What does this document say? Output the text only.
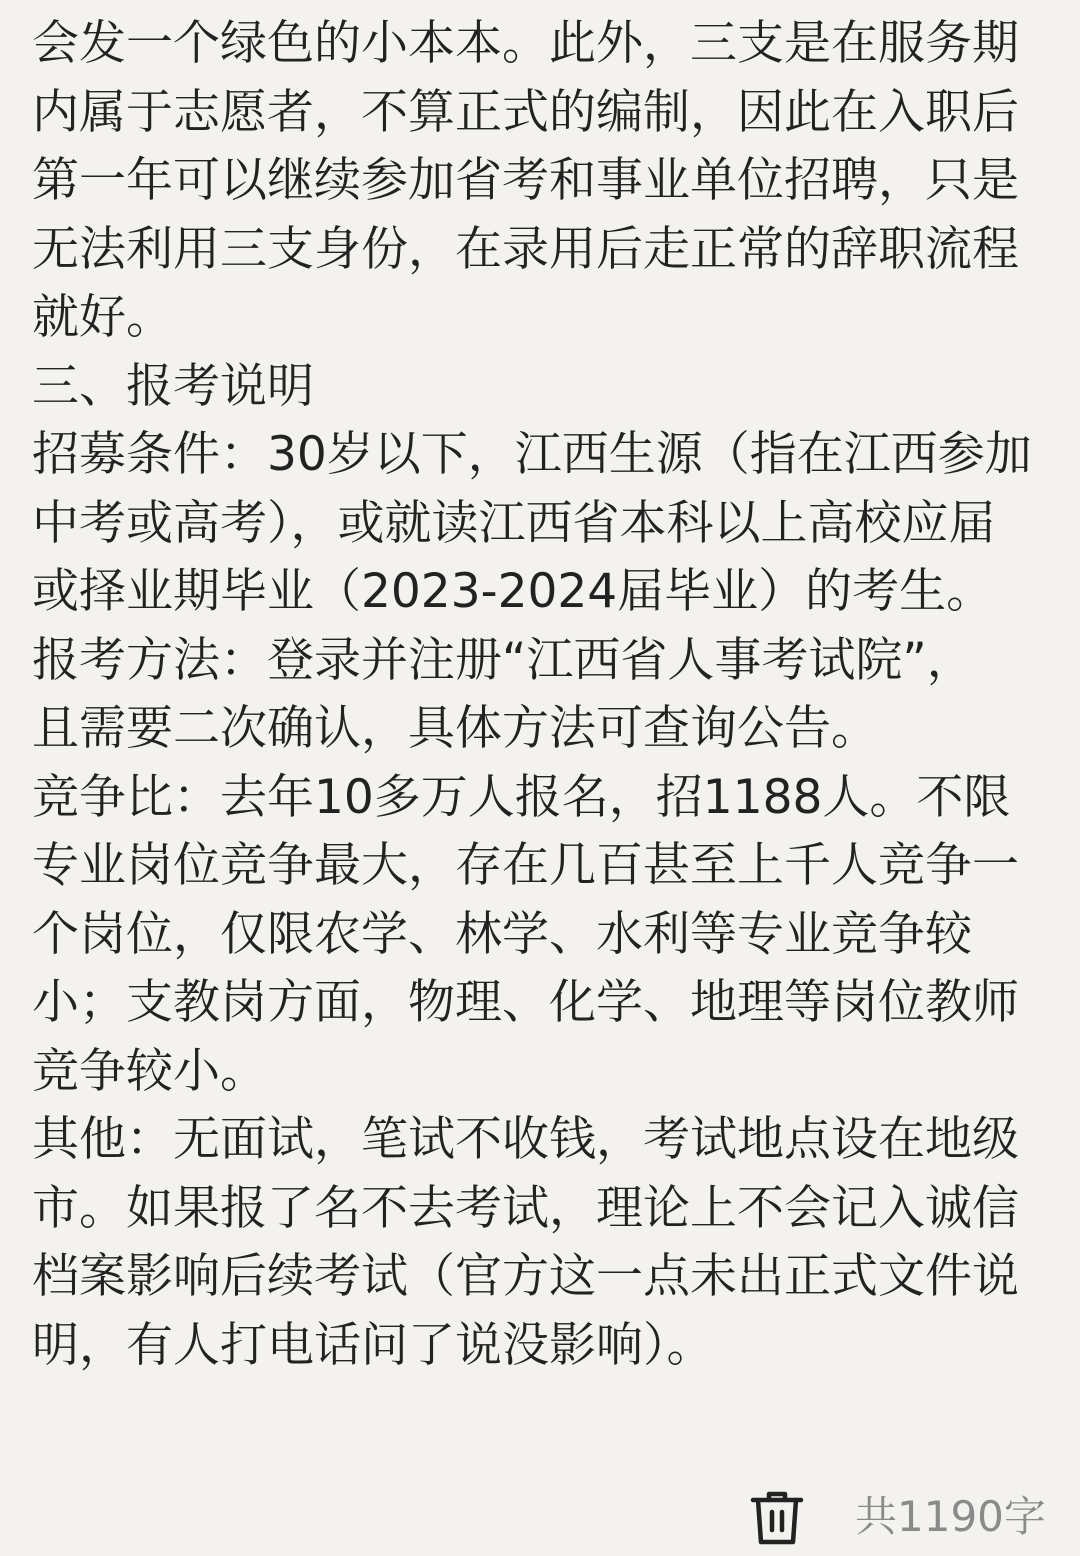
会发一个绿色的小本本。此外，三支是在服务期
内属于志愿者，不算正式的编制，因此在入职后
第一年可以继续参加省考和事业单位招聘，只是
无法利用三支身份，在录用后走正常的辞职流程
就好。
三、报考说明
招募条件：30岁以下，江西生源（指在江西参加
中考或高考），或就读江西省本科以上高校应届
或择业期毕业（2023-2024届毕业）的考生。
报考方法：登录并注册“江西省人事考试院”，
且需要二次确认，具体方法可查询公告。
竞争比：去年10多万人报名，招1188人。不限
专业岗位竞争最大，存在几百甚至上千人竞争一
个岗位，仅限农学、林学、水利等专业竞争较
小；支教岗方面，物理、化学、地理等岗位教师
竞争较小。
其他：无面试，笔试不收钱，考试地点设在地级
市。如果报了名不去考试，理论上不会记入诚信
档案影响后续考试（官方这一点未出正式文件说
明，有人打电话问了说没影响）。
共1190字
